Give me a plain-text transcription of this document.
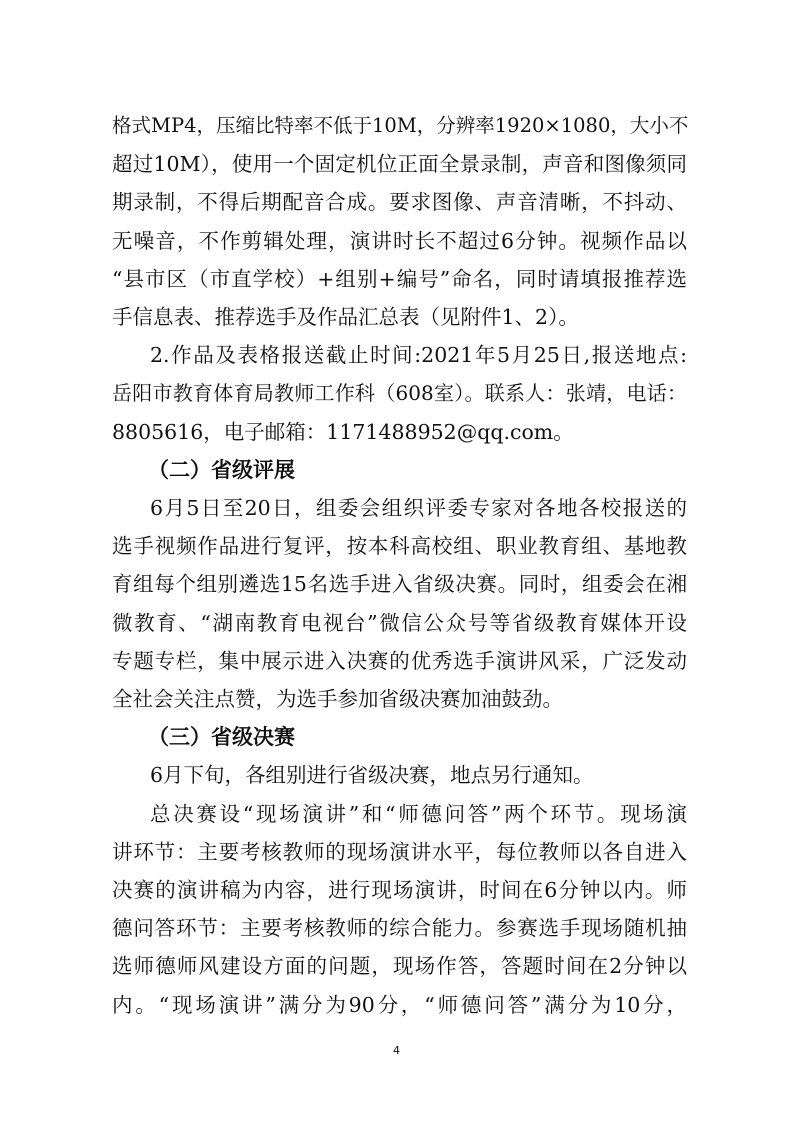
格式MP4，压缩比特率不低于10M，分辨率1920×1080，大小不
超过10M），使用一个固定机位正面全景录制，声音和图像须同
期录制，不得后期配音合成。要求图像、声音清晰，不抖动、
无噪音，不作剪辑处理，演讲时长不超过6分钟。视频作品以
“县市区（市直学校）+组别+编号”命名，同时请填报推荐选
手信息表、推荐选手及作品汇总表（见附件1、2）。
2.作品及表格报送截止时间:2021年5月25日,报送地点:
岳阳市教育体育局教师工作科（608室）。联系人：张靖，电话：
8805616，电子邮箱：1171488952@qq.com。
（二）省级评展
6月5日至20日，组委会组织评委专家对各地各校报送的
选手视频作品进行复评，按本科高校组、职业教育组、基地教
育组每个组别遴选15名选手进入省级决赛。同时，组委会在湘
微教育、“湖南教育电视台”微信公众号等省级教育媒体开设
专题专栏，集中展示进入决赛的优秀选手演讲风采，广泛发动
全社会关注点赞，为选手参加省级决赛加油鼓劲。
（三）省级决赛
6月下旬，各组别进行省级决赛，地点另行通知。
总决赛设“现场演讲”和“师德问答”两个环节。现场演
讲环节：主要考核教师的现场演讲水平，每位教师以各自进入
决赛的演讲稿为内容，进行现场演讲，时间在6分钟以内。师
德问答环节：主要考核教师的综合能力。参赛选手现场随机抽
选师德师风建设方面的问题，现场作答，答题时间在2分钟以
内。“现场演讲”满分为90分，“师德问答”满分为10分，
4
